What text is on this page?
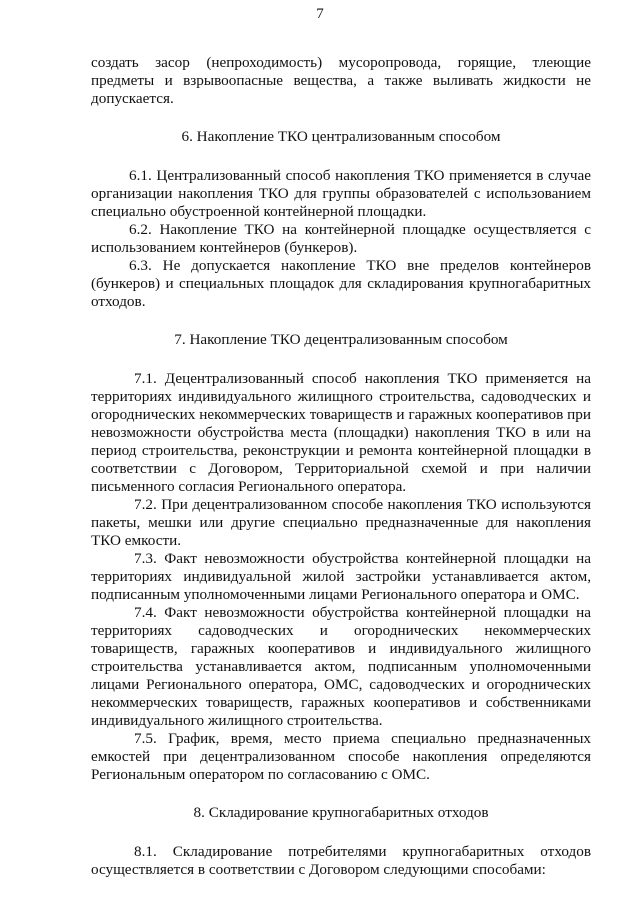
7

создать засор (непроходимость) мусоропровода, горящие, тлеющие предметы и взрывоопасные вещества, а также выливать жидкости не допускается.

6. Накопление ТКО централизованным способом

6.1. Централизованный способ накопления ТКО применяется в случае организации накопления ТКО для группы образователей с использованием специально обустроенной контейнерной площадки.

6.2. Накопление ТКО на контейнерной площадке осуществляется с использованием контейнеров (бункеров).

6.3. Не допускается накопление ТКО вне пределов контейнеров (бункеров) и специальных площадок для складирования крупногабаритных отходов.

7. Накопление ТКО децентрализованным способом

7.1. Децентрализованный способ накопления ТКО применяется на территориях индивидуального жилищного строительства, садоводческих и огороднических некоммерческих товариществ и гаражных кооперативов при невозможности обустройства места (площадки) накопления ТКО в или на период строительства, реконструкции и ремонта контейнерной площадки в соответствии с Договором, Территориальной схемой и при наличии письменного согласия Регионального оператора.

7.2. При децентрализованном способе накопления ТКО используются пакеты, мешки или другие специально предназначенные для накопления ТКО емкости.

7.3. Факт невозможности обустройства контейнерной площадки на территориях индивидуальной жилой застройки устанавливается актом, подписанным уполномоченными лицами Регионального оператора и ОМС.

7.4. Факт невозможности обустройства контейнерной площадки на территориях садоводческих и огороднических некоммерческих товариществ, гаражных кооперативов и индивидуального жилищного строительства устанавливается актом, подписанным уполномоченными лицами Регионального оператора, ОМС, садоводческих и огороднических некоммерческих товариществ, гаражных кооперативов и собственниками индивидуального жилищного строительства.

7.5. График, время, место приема специально предназначенных емкостей при децентрализованном способе накопления определяются Региональным оператором по согласованию с ОМС.

8. Складирование крупногабаритных отходов

8.1. Складирование потребителями крупногабаритных отходов осуществляется в соответствии с Договором следующими способами:
